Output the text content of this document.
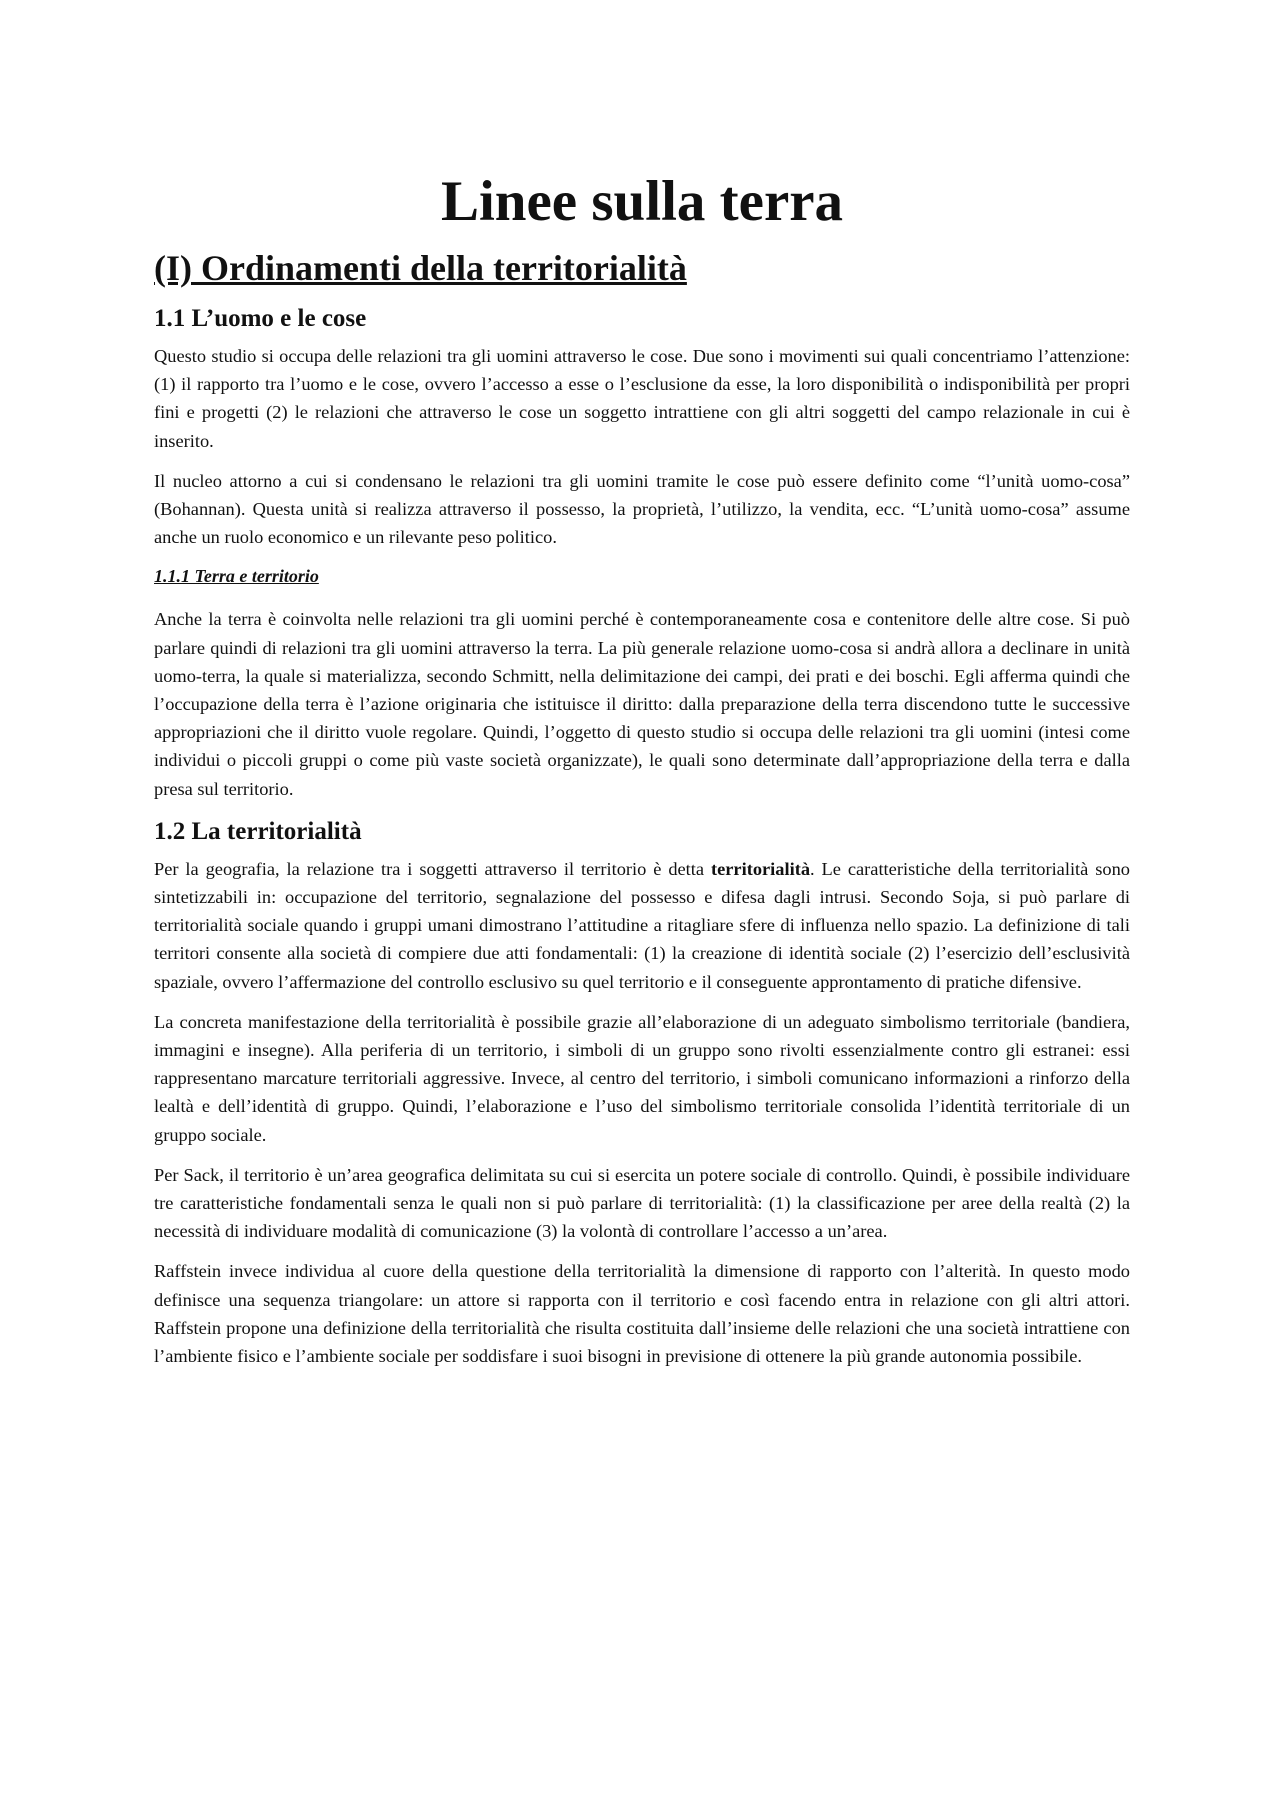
Linee sulla terra
(I) Ordinamenti della territorialità
1.1 L’uomo e le cose

Questo studio si occupa delle relazioni tra gli uomini attraverso le cose. Due sono i movimenti sui quali concentriamo l’attenzione: (1) il rapporto tra l’uomo e le cose, ovvero l’accesso a esse o l’esclusione da esse, la loro disponibilità o indisponibilità per propri fini e progetti (2) le relazioni che attraverso le cose un soggetto intrattiene con gli altri soggetti del campo relazionale in cui è inserito.

Il nucleo attorno a cui si condensano le relazioni tra gli uomini tramite le cose può essere definito come “l’unità uomo-cosa” (Bohannan). Questa unità si realizza attraverso il possesso, la proprietà, l’utilizzo, la vendita, ecc. “L’unità uomo-cosa” assume anche un ruolo economico e un rilevante peso politico.

1.1.1 Terra e territorio

Anche la terra è coinvolta nelle relazioni tra gli uomini perché è contemporaneamente cosa e contenitore delle altre cose. Si può parlare quindi di relazioni tra gli uomini attraverso la terra. La più generale relazione uomo-cosa si andrà allora a declinare in unità uomo-terra, la quale si materializza, secondo Schmitt, nella delimitazione dei campi, dei prati e dei boschi. Egli afferma quindi che l’occupazione della terra è l’azione originaria che istituisce il diritto: dalla preparazione della terra discendono tutte le successive appropriazioni che il diritto vuole regolare. Quindi, l’oggetto di questo studio si occupa delle relazioni tra gli uomini (intesi come individui o piccoli gruppi o come più vaste società organizzate), le quali sono determinate dall’appropriazione della terra e dalla presa sul territorio.

1.2 La territorialità

Per la geografia, la relazione tra i soggetti attraverso il territorio è detta territorialità. Le caratteristiche della territorialità sono sintetizzabili in: occupazione del territorio, segnalazione del possesso e difesa dagli intrusi. Secondo Soja, si può parlare di territorialità sociale quando i gruppi umani dimostrano l’attitudine a ritagliare sfere di influenza nello spazio. La definizione di tali territori consente alla società di compiere due atti fondamentali: (1) la creazione di identità sociale (2) l’esercizio dell’esclusività spaziale, ovvero l’affermazione del controllo esclusivo su quel territorio e il conseguente approntamento di pratiche difensive.

La concreta manifestazione della territorialità è possibile grazie all’elaborazione di un adeguato simbolismo territoriale (bandiera, immagini e insegne). Alla periferia di un territorio, i simboli di un gruppo sono rivolti essenzialmente contro gli estranei: essi rappresentano marcature territoriali aggressive. Invece, al centro del territorio, i simboli comunicano informazioni a rinforzo della lealtà e dell’identità di gruppo. Quindi, l’elaborazione e l’uso del simbolismo territoriale consolida l’identità territoriale di un gruppo sociale.

Per Sack, il territorio è un’area geografica delimitata su cui si esercita un potere sociale di controllo. Quindi, è possibile individuare tre caratteristiche fondamentali senza le quali non si può parlare di territorialità: (1) la classificazione per aree della realtà (2) la necessità di individuare modalità di comunicazione (3) la volontà di controllare l’accesso a un’area.

Raffstein invece individua al cuore della questione della territorialità la dimensione di rapporto con l’alterità. In questo modo definisce una sequenza triangolare: un attore si rapporta con il territorio e così facendo entra in relazione con gli altri attori. Raffstein propone una definizione della territorialità che risulta costituita dall’insieme delle relazioni che una società intrattiene con l’ambiente fisico e l’ambiente sociale per soddisfare i suoi bisogni in previsione di ottenere la più grande autonomia possibile.
